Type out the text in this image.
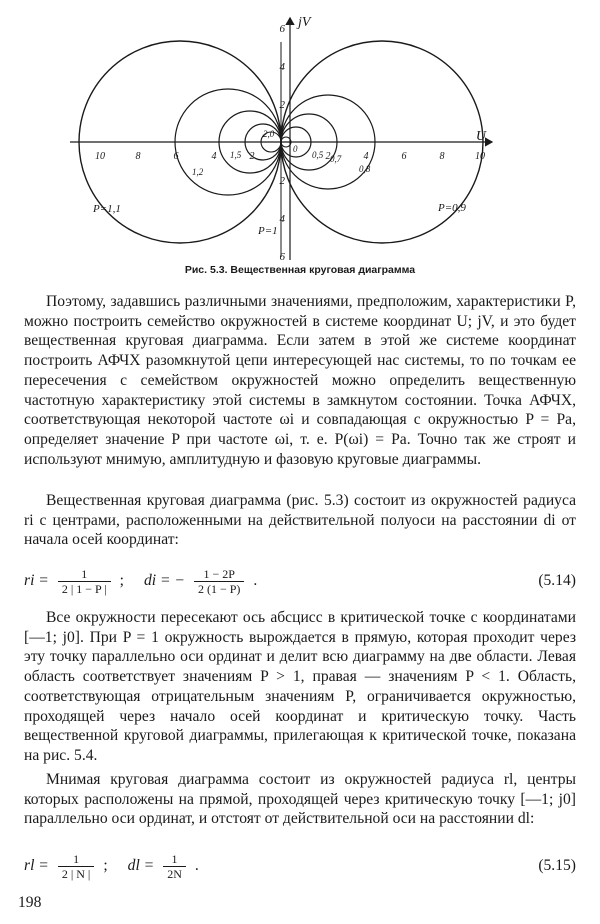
10	8	6	4	2	2	4	6	8	10
6
4
2
2
4
6
jV
U
0
P=1,1	P=0,9
P=1
1,2
1,5
2,0
0,5 0,7
0,8
Рис. 5.3. Вещественная круговая диаграмма

Поэтому, задавшись различными значениями, предположим, характеристики P, можно построить семейство окружностей в системе координат U; jV, и это будет вещественная круговая диаграмма. Если затем в этой же системе координат построить АФЧХ разомкнутой цепи интересующей нас системы, то по точкам ее пересечения с семейством окружностей можно определить вещественную частотную характеристику этой системы в замкнутом состоянии. Точка АФЧХ, соответствующая некоторой частоте ωi и совпадающая с окружностью P = Pa, определяет значение P при частоте ωi, т. е. P(ωi) = Pa. Точно так же строят и используют мнимую, амплитудную и фазовую круговые диаграммы.

Вещественная круговая диаграмма (рис. 5.3) состоит из окружностей радиуса ri с центрами, расположенными на действительной полуоси на расстоянии di от начала осей координат:

ri = $\frac{1}{2 | 1 - P |}$ ; di = − $\frac{1 - 2P}{2 (1 - P)}$ .	(5.14)

Все окружности пересекают ось абсцисс в критической точке с координатами [—1; j0]. При P = 1 окружность вырождается в прямую, которая проходит через эту точку параллельно оси ординат и делит всю диаграмму на две области. Левая область соответствует значениям P > 1, правая — значениям P < 1. Область, соответствующая отрицательным значениям P, ограничивается окружностью, проходящей через начало осей координат и критическую точку. Часть вещественной круговой диаграммы, прилегающая к критической точке, показана на рис. 5.4.

Мнимая круговая диаграмма состоит из окружностей радиуса rl, центры которых расположены на прямой, проходящей через критическую точку [—1; j0] параллельно оси ординат, и отстоят от действительной оси на расстоянии dl:

rl = $\frac{1}{2 | N |}$ ; dl = $\frac{1}{2N}$ .	(5.15)
198
